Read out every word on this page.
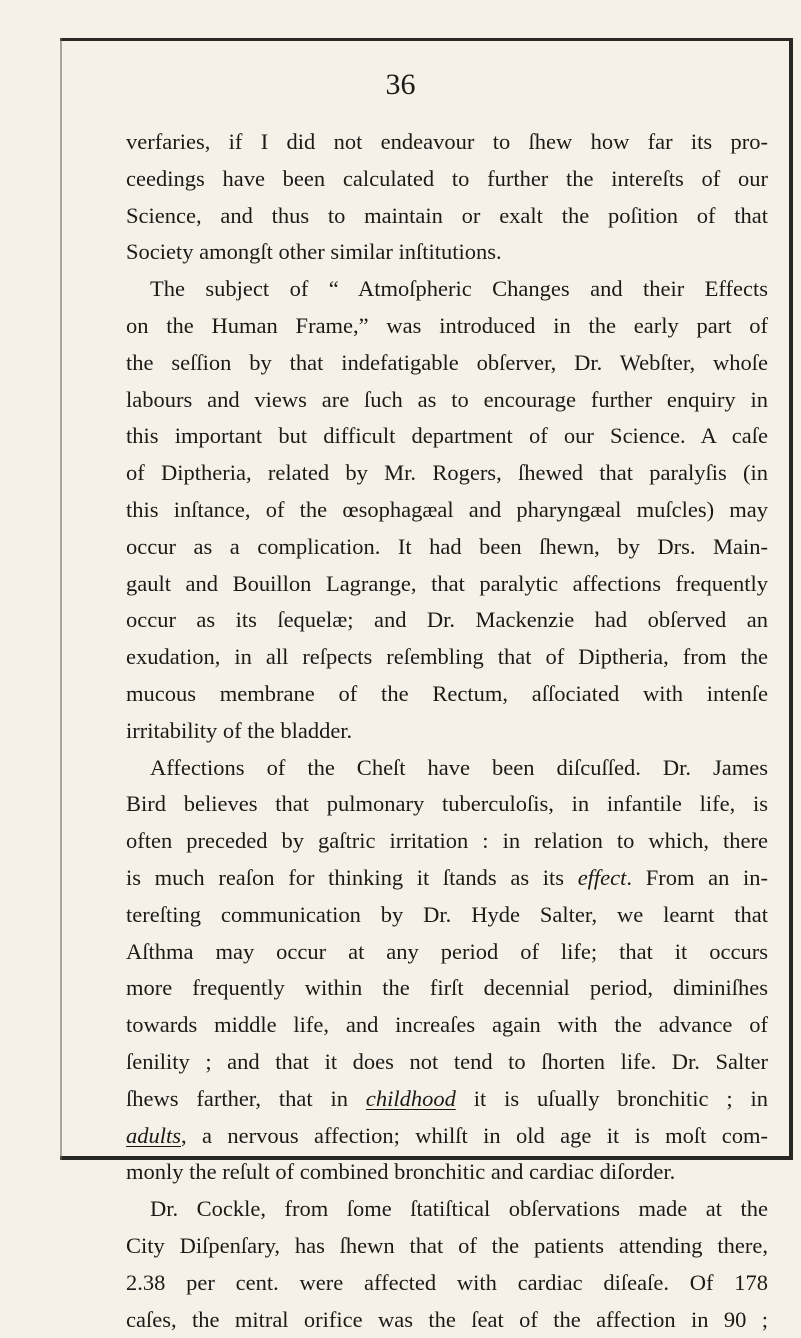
36
verfaries, if I did not endeavour to ſhew how far its pro-
ceedings have been calculated to further the intereſts of our
Science, and thus to maintain or exalt the poſition of that
Society amongſt other similar inſtitutions.
The subject of “ Atmoſpheric Changes and their Effects
on the Human Frame,” was introduced in the early part of
the seſſion by that indefatigable obſerver, Dr. Webſter, whoſe
labours and views are ſuch as to encourage further enquiry in
this important but difficult department of our Science. A caſe
of Diptheria, related by Mr. Rogers, ſhewed that paralyſis (in
this inſtance, of the œsophagæal and pharyngæal muſcles) may
occur as a complication. It had been ſhewn, by Drs. Main-
gault and Bouillon Lagrange, that paralytic affections frequently
occur as its ſequelæ; and Dr. Mackenzie had obſerved an
exudation, in all reſpects reſembling that of Diptheria, from the
mucous membrane of the Rectum, aſſociated with intenſe
irritability of the bladder.
Affections of the Cheſt have been diſcuſſed. Dr. James
Bird believes that pulmonary tuberculoſis, in infantile life, is
often preceded by gaſtric irritation : in relation to which, there
is much reaſon for thinking it ſtands as its effect. From an in-
tereſting communication by Dr. Hyde Salter, we learnt that
Aſthma may occur at any period of life; that it occurs
more frequently within the firſt decennial period, diminiſhes
towards middle life, and increaſes again with the advance of
ſenility ; and that it does not tend to ſhorten life. Dr. Salter
ſhews farther, that in childhood it is uſually bronchitic ; in
adults, a nervous affection; whilſt in old age it is moſt com-
monly the reſult of combined bronchitic and cardiac diſorder.
Dr. Cockle, from ſome ſtatiſtical obſervations made at the
City Diſpenſary, has ſhewn that of the patients attending there,
2.38 per cent. were affected with cardiac diſeaſe. Of 178
caſes, the mitral orifice was the ſeat of the affection in 90 ;
